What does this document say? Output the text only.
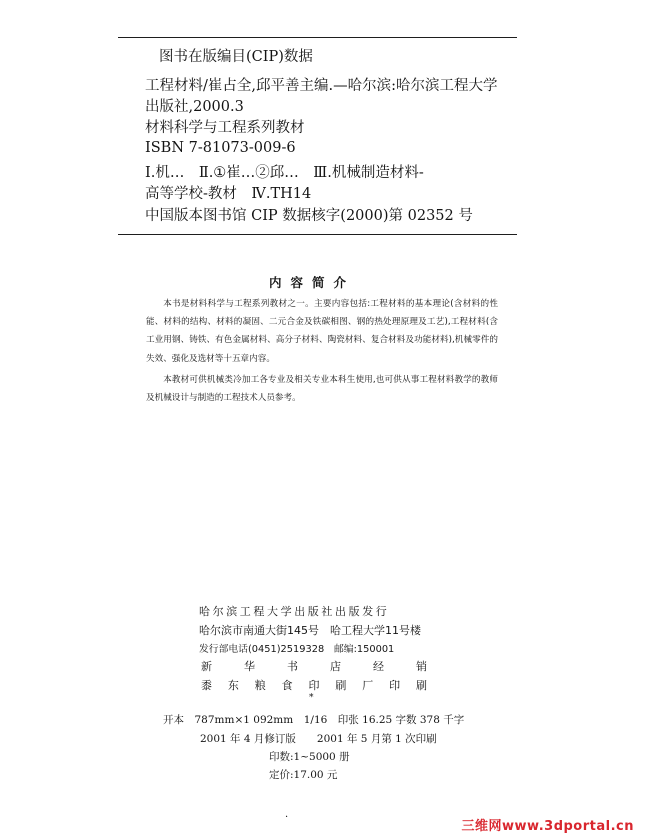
图书在版编目(CIP)数据
工程材料/崔占全,邱平善主编.—哈尔滨:哈尔滨工程大学
出版社,2000.3
材料科学与工程系列教材
ISBN 7-81073-009-6
Ⅰ.机…　Ⅱ.①崔…②邱…　Ⅲ.机械制造材料-
高等学校-教材　Ⅳ.TH14
中国版本图书馆 CIP 数据核字(2000)第 02352 号
内容简介

本书是材料科学与工程系列教材之一。主要内容包括:工程材料的基本理论(含材料的性能、材料的结构、材料的凝固、二元合金及铁碳相图、钢的热处理原理及工艺),工程材料(含工业用钢、铸铁、有色金属材料、高分子材料、陶瓷材料、复合材料及功能材料),机械零件的失效、强化及选材等十五章内容。

本教材可供机械类冷加工各专业及相关专业本科生使用,也可供从事工程材料教学的教师及机械设计与制造的工程技术人员参考。

哈尔滨工程大学出版社出版发行
哈尔滨市南通大街145号　哈工程大学11号楼
发行部电话(0451)2519328　邮编:150001
新	华	书	店	经	销
黍 东 粮 食 印 刷 厂 印 刷
*
开本　787mm×1 092mm　1/16　印张 16.25 字数 378 千字
2001 年 4 月修订版　　2001 年 5 月第 1 次印刷
印数:1~5000 册
定价:17.00 元
·
三维网www.3dportal.cn
